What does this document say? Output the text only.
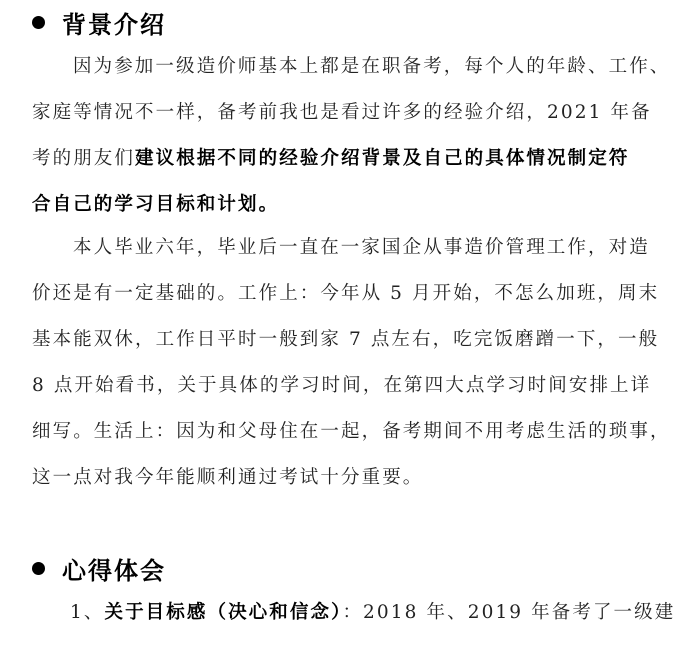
背景介绍
因为参加一级造价师基本上都是在职备考，每个人的年龄、工作、
家庭等情况不一样，备考前我也是看过许多的经验介绍，2021 年备
考的朋友们建议根据不同的经验介绍背景及自己的具体情况制定符
合自己的学习目标和计划。
本人毕业六年，毕业后一直在一家国企从事造价管理工作，对造
价还是有一定基础的。工作上：今年从 5 月开始，不怎么加班，周末
基本能双休，工作日平时一般到家 7 点左右，吃完饭磨蹭一下，一般
8 点开始看书，关于具体的学习时间，在第四大点学习时间安排上详
细写。生活上：因为和父母住在一起，备考期间不用考虑生活的琐事，
这一点对我今年能顺利通过考试十分重要。
心得体会
1、关于目标感（决心和信念）：2018 年、2019 年备考了一级建
